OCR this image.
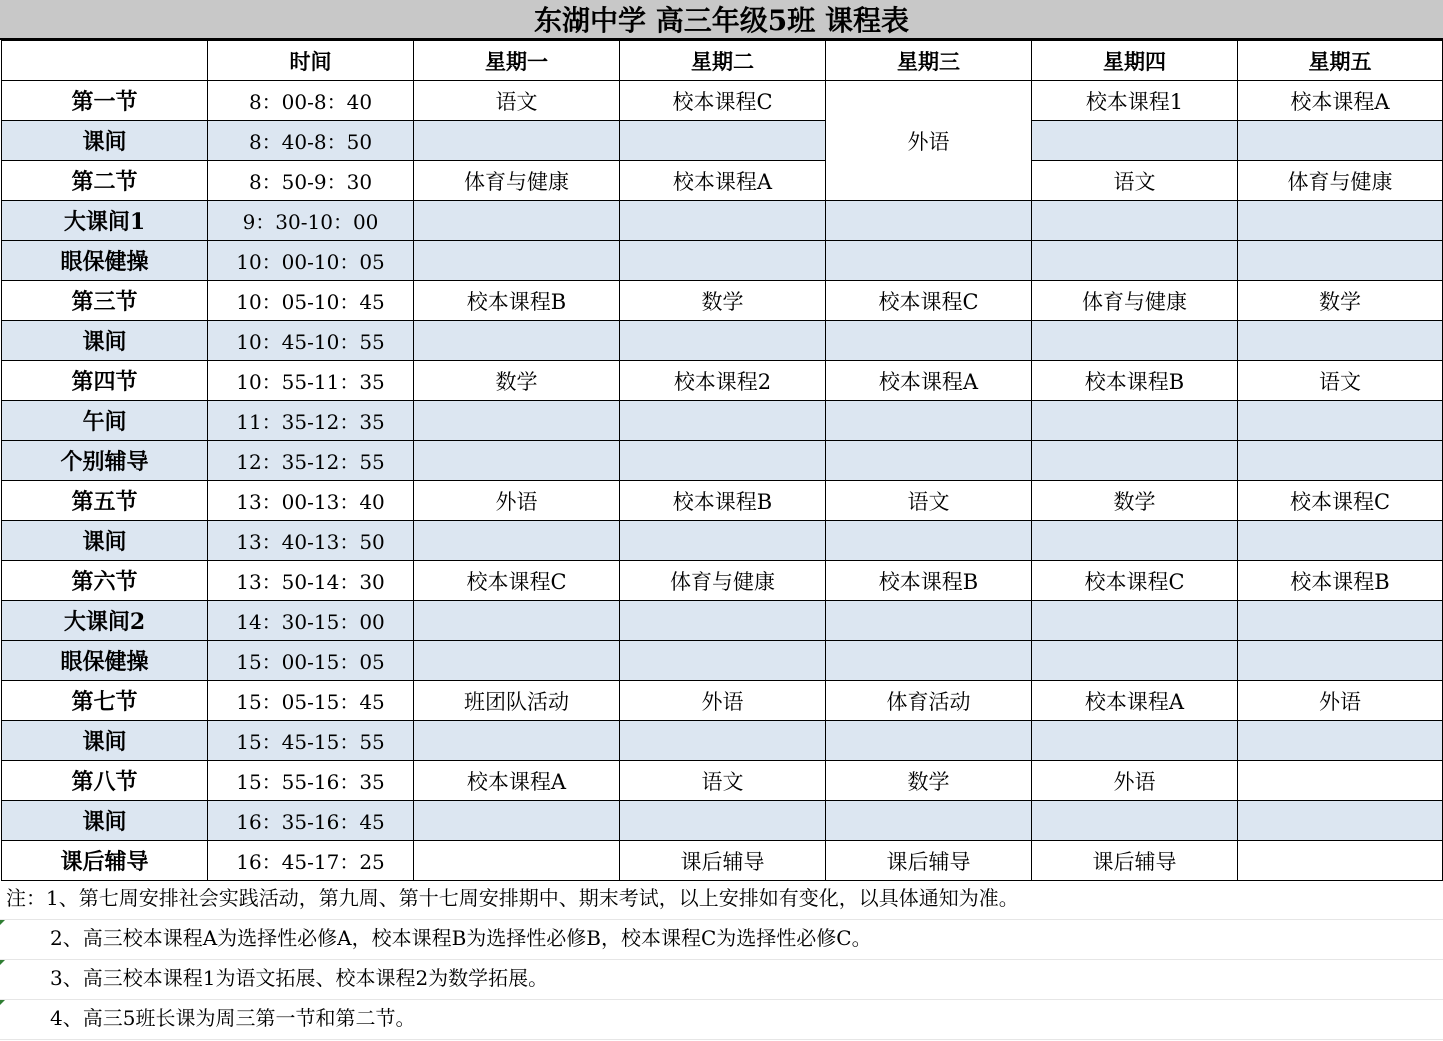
东湖中学 高三年级5班 课程表
	时间	星期一	星期二	星期三	星期四	星期五
第一节	8：00-8：40	语文	校本课程C	外语	校本课程1	校本课程A
课间	8：40-8：50					
第二节	8：50-9：30	体育与健康	校本课程A		语文	体育与健康
大课间1	9：30-10：00					
眼保健操	10：00-10：05					
第三节	10：05-10：45	校本课程B	数学	校本课程C	体育与健康	数学
课间	10：45-10：55					
第四节	10：55-11：35	数学	校本课程2	校本课程A	校本课程B	语文
午间	11：35-12：35					
个别辅导	12：35-12：55					
第五节	13：00-13：40	外语	校本课程B	语文	数学	校本课程C
课间	13：40-13：50					
第六节	13：50-14：30	校本课程C	体育与健康	校本课程B	校本课程C	校本课程B
大课间2	14：30-15：00					
眼保健操	15：00-15：05					
第七节	15：05-15：45	班团队活动	外语	体育活动	校本课程A	外语
课间	15：45-15：55					
第八节	15：55-16：35	校本课程A	语文	数学	外语	
课间	16：35-16：45					
课后辅导	16：45-17：25		课后辅导	课后辅导	课后辅导	
注：1、第七周安排社会实践活动，第九周、第十七周安排期中、期末考试，以上安排如有变化，以具体通知为准。
2、高三校本课程A为选择性必修A，校本课程B为选择性必修B，校本课程C为选择性必修C。
3、高三校本课程1为语文拓展、校本课程2为数学拓展。
4、高三5班长课为周三第一节和第二节。
